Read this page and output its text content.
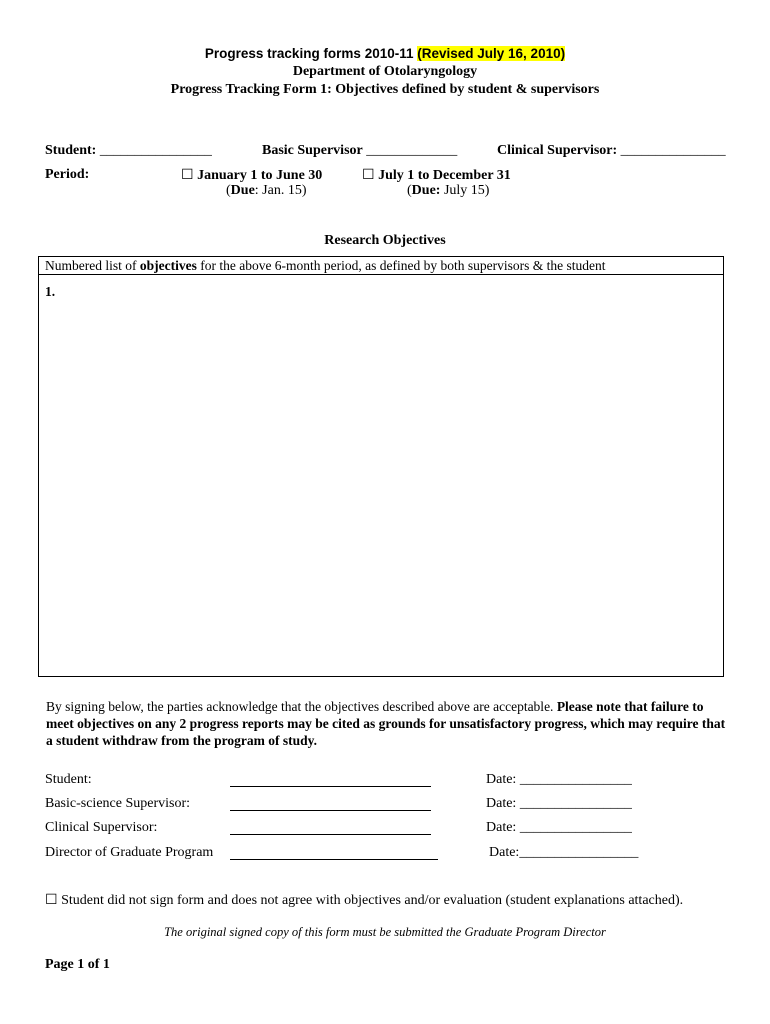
Progress tracking forms 2010-11 (Revised July 16, 2010)
Department of Otolaryngology
Progress Tracking Form 1: Objectives defined by student & supervisors
Student: ________________	Basic Supervisor _____________	Clinical Supervisor: _______________
Period:	☐ January 1 to June 30
(Due: Jan. 15)
☐ July 1 to December 31
(Due: July 15)
Research Objectives
Numbered list of objectives for the above 6-month period, as defined by both supervisors & the student
1.
By signing below, the parties acknowledge that the objectives described above are acceptable. Please note that failure to meet objectives on any 2 progress reports may be cited as grounds for unsatisfactory progress, which may require that a student withdraw from the program of study.
Student:	Date: ________________
Basic-science Supervisor:	Date: ________________
Clinical Supervisor:	Date: ________________
Director of Graduate Program	Date:_________________
☐ Student did not sign form and does not agree with objectives and/or evaluation (student explanations attached).
The original signed copy of this form must be submitted the Graduate Program Director
Page 1 of 1
